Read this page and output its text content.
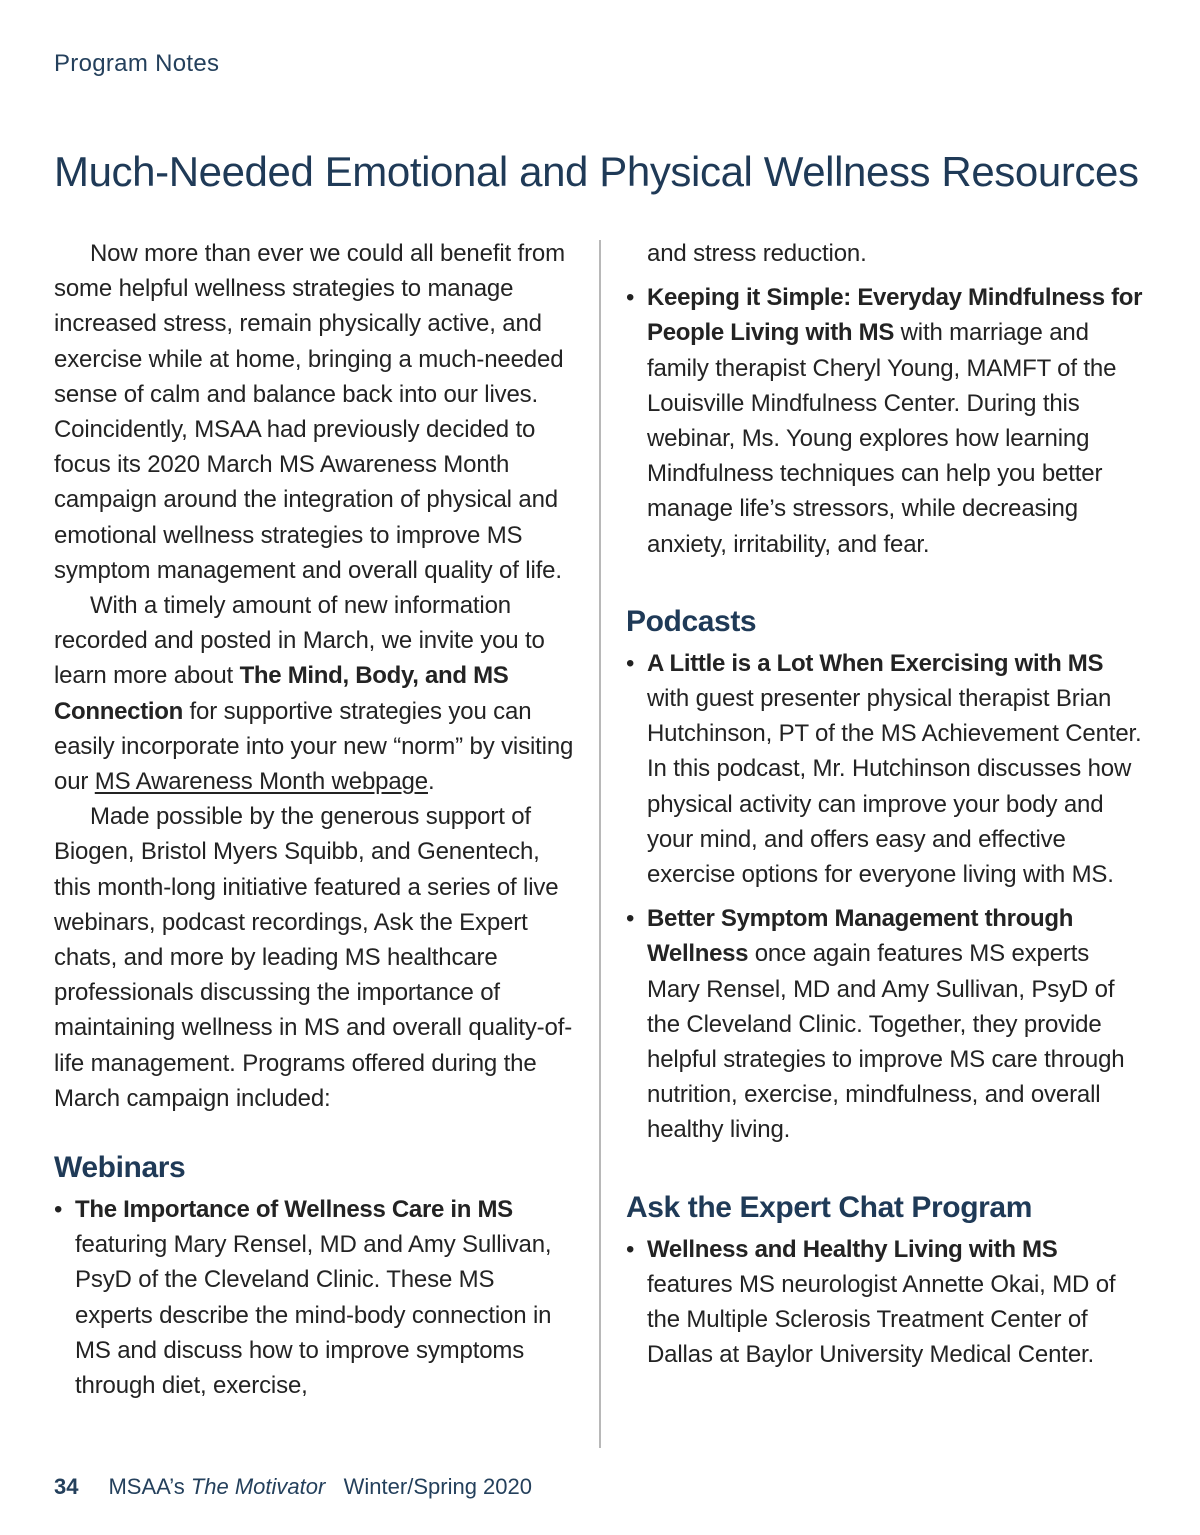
Program Notes
Much-Needed Emotional and Physical Wellness Resources

Now more than ever we could all benefit from some helpful wellness strategies to manage increased stress, remain physically active, and exercise while at home, bringing a much-needed sense of calm and balance back into our lives. Coincidently, MSAA had previously decided to focus its 2020 March MS Awareness Month campaign around the integration of physical and emotional wellness strategies to improve MS symptom management and overall quality of life.

With a timely amount of new information recorded and posted in March, we invite you to learn more about The Mind, Body, and MS Connection for supportive strategies you can easily incorporate into your new “norm” by visiting our MS Awareness Month webpage.

Made possible by the generous support of Biogen, Bristol Myers Squibb, and Genentech, this month-long initiative featured a series of live webinars, podcast recordings, Ask the Expert chats, and more by leading MS healthcare professionals discussing the importance of maintaining wellness in MS and overall quality-of-life management. Programs offered during the March campaign included:

Webinars
• The Importance of Wellness Care in MS featuring Mary Rensel, MD and Amy Sullivan, PsyD of the Cleveland Clinic. These MS experts describe the mind-body connection in MS and discuss how to improve symptoms through diet, exercise,
and stress reduction.
• Keeping it Simple: Everyday Mindfulness for People Living with MS with marriage and family therapist Cheryl Young, MAMFT of the Louisville Mindfulness Center. During this webinar, Ms. Young explores how learning Mindfulness techniques can help you better manage life’s stressors, while decreasing anxiety, irritability, and fear.
Podcasts
• A Little is a Lot When Exercising with MS with guest presenter physical therapist Brian Hutchinson, PT of the MS Achievement Center. In this podcast, Mr. Hutchinson discusses how physical activity can improve your body and your mind, and offers easy and effective exercise options for everyone living with MS.
• Better Symptom Management through Wellness once again features MS experts Mary Rensel, MD and Amy Sullivan, PsyD of the Cleveland Clinic. Together, they provide helpful strategies to improve MS care through nutrition, exercise, mindfulness, and overall healthy living.
Ask the Expert Chat Program
• Wellness and Healthy Living with MS features MS neurologist Annette Okai, MD of the Multiple Sclerosis Treatment Center of Dallas at Baylor University Medical Center.
34 MSAA’s The Motivator Winter/Spring 2020
